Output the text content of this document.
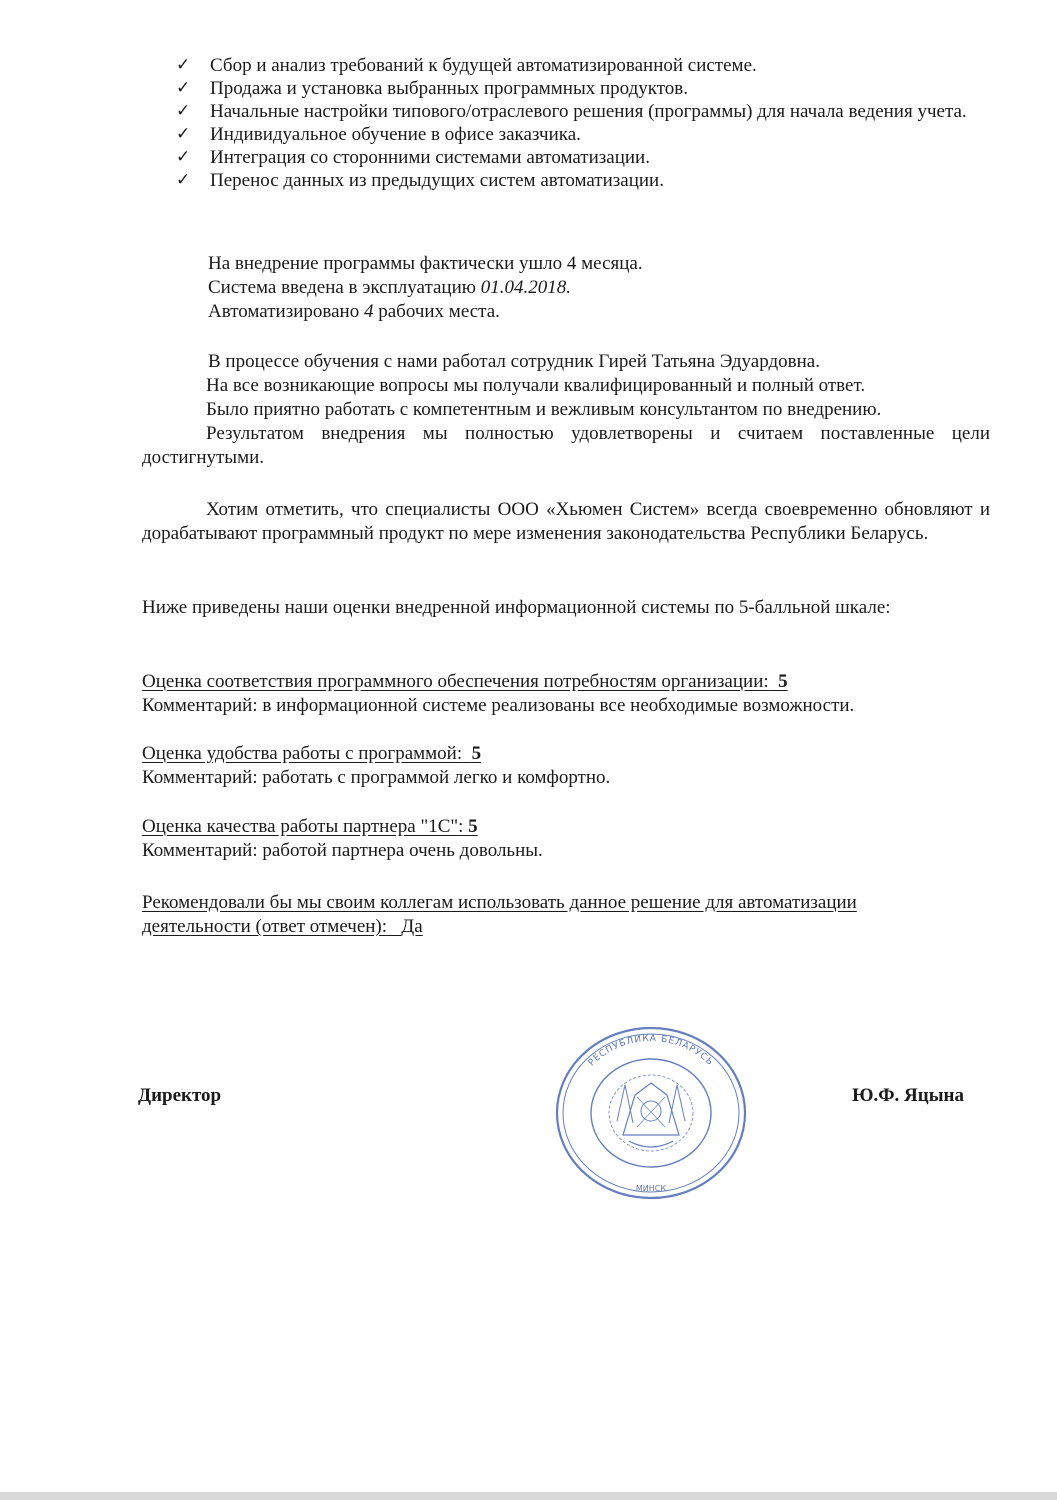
✓ Сбор и анализ требований к будущей автоматизированной системе.
✓ Продажа и установка выбранных программных продуктов.
✓ Начальные настройки типового/отраслевого решения (программы) для начала ведения учета.
✓ Индивидуальное обучение в офисе заказчика.
✓ Интеграция со сторонними системами автоматизации.
✓ Перенос данных из предыдущих систем автоматизации.
На внедрение программы фактически ушло 4 месяца.
Система введена в эксплуатацию 01.04.2018.
Автоматизировано 4 рабочих места.
В процессе обучения с нами работал сотрудник Гирей Татьяна Эдуардовна.
На все возникающие вопросы мы получали квалифицированный и полный ответ.
Было приятно работать с компетентным и вежливым консультантом по внедрению.
Результатом внедрения мы полностью удовлетворены и считаем поставленные цели достигнутыми.
Хотим отметить, что специалисты ООО «Хьюмен Систем» всегда своевременно обновляют и дорабатывают программный продукт по мере изменения законодательства Республики Беларусь.
Ниже приведены наши оценки внедренной информационной системы по 5-балльной шкале:
Оценка соответствия программного обеспечения потребностям организации: 5
Комментарий: в информационной системе реализованы все необходимые возможности.
Оценка удобства работы с программой: 5
Комментарий: работать с программой легко и комфортно.
Оценка качества работы партнера "1С": 5
Комментарий: работой партнера очень довольны.
Рекомендовали бы мы своим коллегам использовать данное решение для автоматизации
деятельности (ответ отмечен): Да
Директор	Ю.Ф. Яцына
РЕСПУБЛИКА БЕЛАРУСЬ
МИНСК
